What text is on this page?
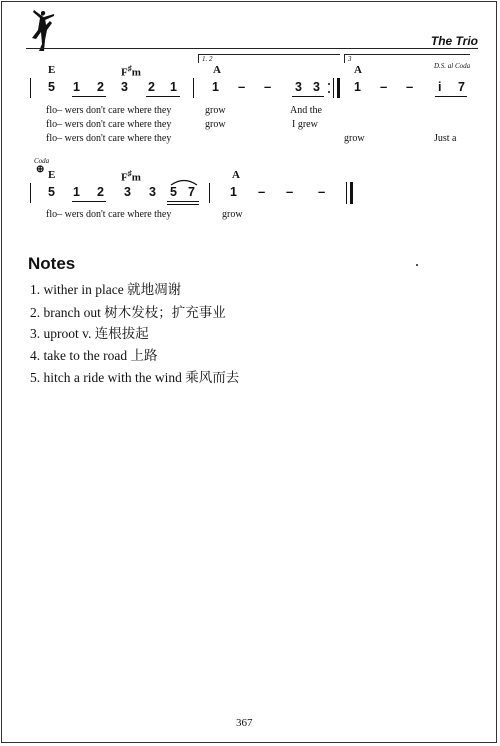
The Trio
1. 2	3
D.S. al Coda
E	F♯m	A	A
5 1 2 3 2 1	1 – – 3 3	1 – – i 7
flo– wers don't care where they	grow	And the
flo– wers don't care where they	grow	I grew
flo– wers don't care where they	grow	Just a
Coda
⊕ E	F♯m	A
5 1 2 3 3 5 7	1 – – –
flo– wers don't care where they	grow
Notes
1. wither in place 就地凋谢
2. branch out 树木发枝；扩充事业
3. uproot v. 连根拔起
4. take to the road 上路
5. hitch a ride with the wind 乘风而去
367
